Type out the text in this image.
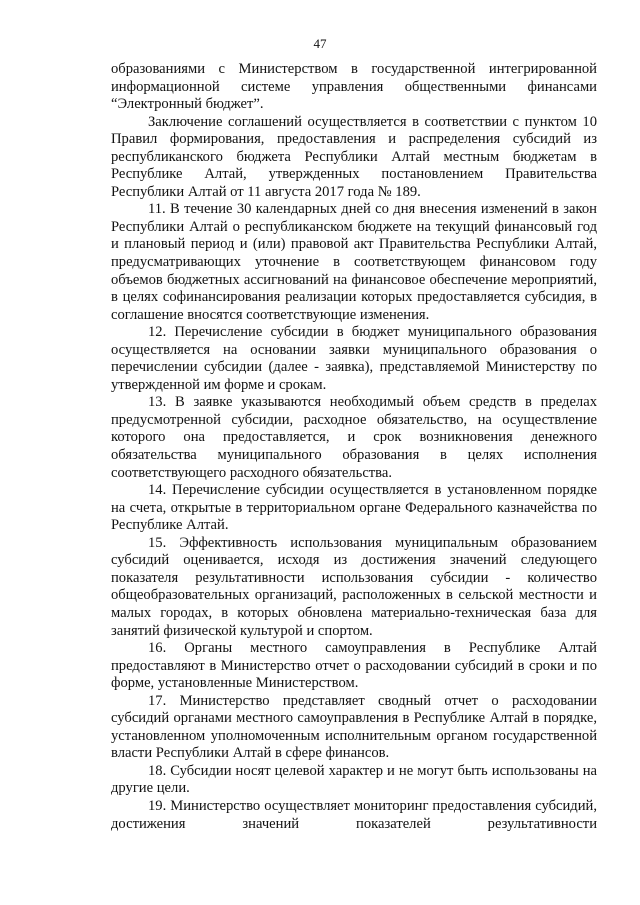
47

образованиями с Министерством в государственной интегрированной информационной системе управления общественными финансами “Электронный бюджет”.

Заключение соглашений осуществляется в соответствии с пунктом 10 Правил формирования, предоставления и распределения субсидий из республиканского бюджета Республики Алтай местным бюджетам в Республике Алтай, утвержденных постановлением Правительства Республики Алтай от 11 августа 2017 года № 189.

11. В течение 30 календарных дней со дня внесения изменений в закон Республики Алтай о республиканском бюджете на текущий финансовый год и плановый период и (или) правовой акт Правительства Республики Алтай, предусматривающих уточнение в соответствующем финансовом году объемов бюджетных ассигнований на финансовое обеспечение мероприятий, в целях софинансирования реализации которых предоставляется субсидия, в соглашение вносятся соответствующие изменения.

12. Перечисление субсидии в бюджет муниципального образования осуществляется на основании заявки муниципального образования о перечислении субсидии (далее - заявка), представляемой Министерству по утвержденной им форме и срокам.

13. В заявке указываются необходимый объем средств в пределах предусмотренной субсидии, расходное обязательство, на осуществление которого она предоставляется, и срок возникновения денежного обязательства муниципального образования в целях исполнения соответствующего расходного обязательства.

14. Перечисление субсидии осуществляется в установленном порядке на счета, открытые в территориальном органе Федерального казначейства по Республике Алтай.

15. Эффективность использования муниципальным образованием субсидий оценивается, исходя из достижения значений следующего показателя результативности использования субсидии - количество общеобразовательных организаций, расположенных в сельской местности и малых городах, в которых обновлена материально-техническая база для занятий физической культурой и спортом.

16. Органы местного самоуправления в Республике Алтай предоставляют в Министерство отчет о расходовании субсидий в сроки и по форме, установленные Министерством.

17. Министерство представляет сводный отчет о расходовании субсидий органами местного самоуправления в Республике Алтай в порядке, установленном уполномоченным исполнительным органом государственной власти Республики Алтай в сфере финансов.

18. Субсидии носят целевой характер и не могут быть использованы на другие цели.

19. Министерство осуществляет мониторинг предоставления субсидий, достижения значений показателей результативности
